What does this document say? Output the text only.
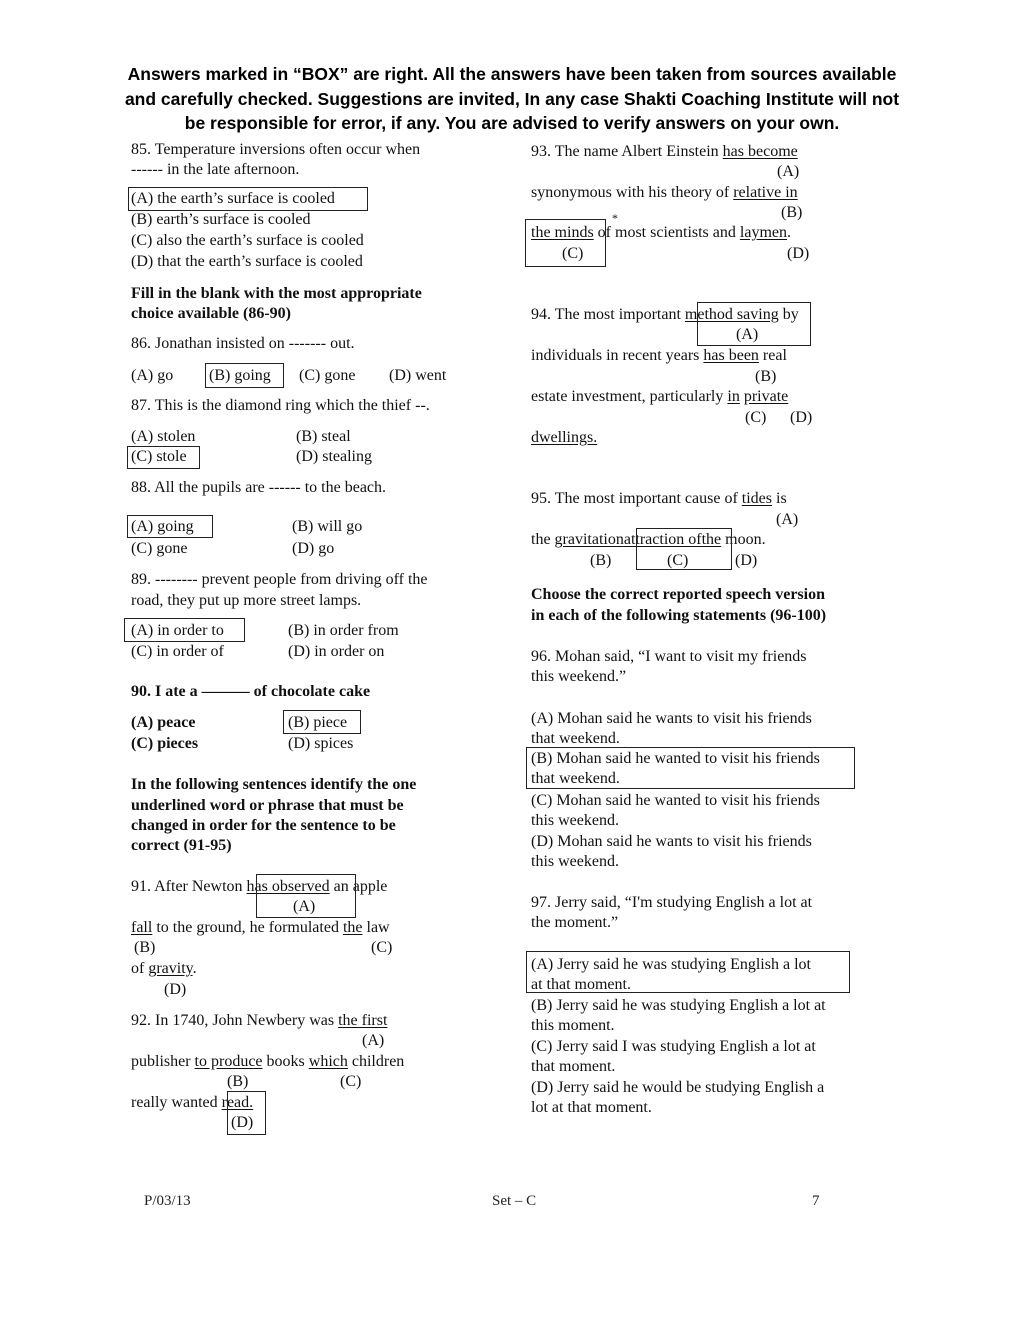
Answers marked in “BOX” are right. All the answers have been taken from sources available
and carefully checked. Suggestions are invited, In any case Shakti Coaching Institute will not
be responsible for error, if any. You are advised to verify answers on your own.
85. Temperature inversions often occur when
------ in the late afternoon.
(A) the earth’s surface is cooled
(B) earth’s surface is cooled
(C) also the earth’s surface is cooled
(D) that the earth’s surface is cooled
Fill in the blank with the most appropriate
choice available (86-90)
86. Jonathan insisted on ------- out.
(A) go (B) going (C) gone (D) went
87. This is the diamond ring which the thief --.
(A) stolen	(B) steal
(C) stole	(D) stealing
88. All the pupils are ------ to the beach.
(A) going	(B) will go
(C) gone	(D) go
89. -------- prevent people from driving off the
road, they put up more street lamps.
(A) in order to	(B) in order from
(C) in order of	(D) in order on
90. I ate a ——— of chocolate cake
(A) peace	(B) piece
(C) pieces	(D) spices
In the following sentences identify the one
underlined word or phrase that must be
changed in order for the sentence to be
correct (91-95)
91. After Newton has observed an apple
(A)
fall to the ground, he formulated the law
(B)	(C)
of gravity.
(D)
92. In 1740, John Newbery was the first
(A)
publisher to produce books which children
(B)	(C)
really wanted read.
(D)
93. The name Albert Einstein has become
(A)
synonymous with his theory of relative in
(B)
*
the minds of most scientists and laymen.
(C)	(D)
94. The most important method saving by
(A)
individuals in recent years has been real
(B)
estate investment, particularly in private
(C) (D)
dwellings.
95. The most important cause of tides is
(A)
the gravitationattraction ofthe moon.
(B)	(C)	(D)
Choose the correct reported speech version
in each of the following statements (96-100)
96. Mohan said, “I want to visit my friends
this weekend.”
(A) Mohan said he wants to visit his friends
that weekend.
(B) Mohan said he wanted to visit his friends
that weekend.
(C) Mohan said he wanted to visit his friends
this weekend.
(D) Mohan said he wants to visit his friends
this weekend.
97. Jerry said, “I'm studying English a lot at
the moment.”
(A) Jerry said he was studying English a lot
at that moment.
(B) Jerry said he was studying English a lot at
this moment.
(C) Jerry said I was studying English a lot at
that moment.
(D) Jerry said he would be studying English a
lot at that moment.
P/03/13	Set – C	7
